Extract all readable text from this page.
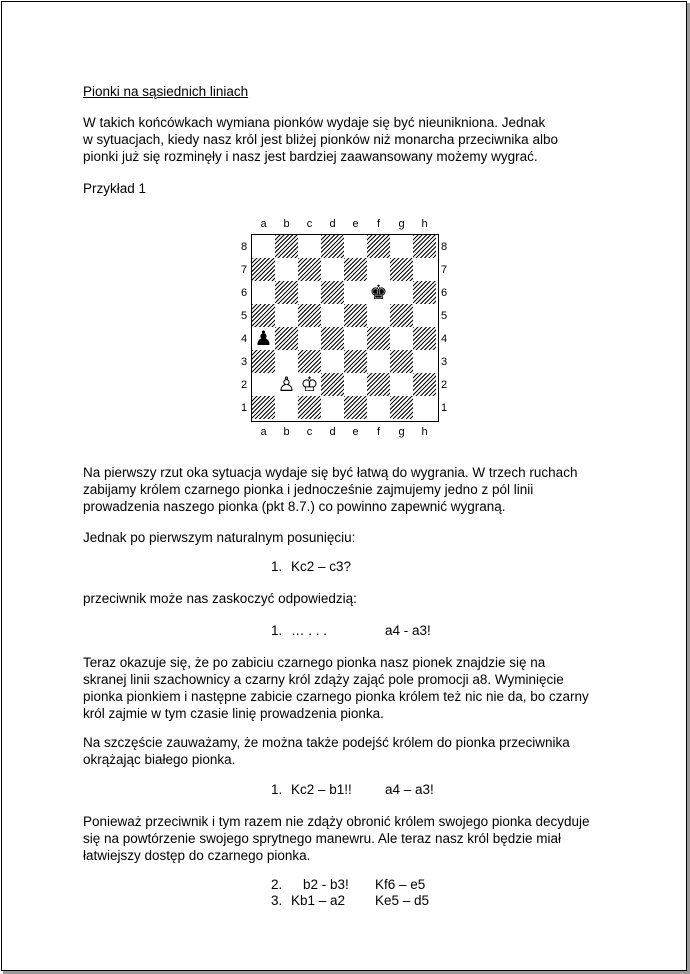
Pionki na sąsiednich liniach
W takich końcówkach wymiana pionków wydaje się być nieunikniona. Jednak
w sytuacjach, kiedy nasz król jest bliżej pionków niż monarcha przeciwnika albo
pionki już się rozminęły i nasz jest bardziej zaawansowany możemy wygrać.
Przykład 1
a
a
b
b
c
c
d
d
e
e
f
f
g
g
h
h
8	8
7	7
6	6
5	5
4	4
3	3
2	2
1	1
♚
♟
♙ ♔
Na pierwszy rzut oka sytuacja wydaje się być łatwą do wygrania. W trzech ruchach
zabijamy królem czarnego pionka i jednocześnie zajmujemy jedno z pól linii
prowadzenia naszego pionka (pkt 8.7.) co powinno zapewnić wygraną.
Jednak po pierwszym naturalnym posunięciu:
1. Kc2 – c3?
przeciwnik może nas zaskoczyć odpowiedzią:
1. … . . .	a4 - a3!
Teraz okazuje się, że po zabiciu czarnego pionka nasz pionek znajdzie się na
skranej linii szachownicy a czarny król zdąży zająć pole promocji a8. Wyminięcie
pionka pionkiem i następne zabicie czarnego pionka królem też nic nie da, bo czarny
król zajmie w tym czasie linię prowadzenia pionka.
Na szczęście zauważamy, że można także podejść królem do pionka przeciwnika
okrążając białego pionka.
1. Kc2 – b1!! a4 – a3!
Ponieważ przeciwnik i tym razem nie zdąży obronić królem swojego pionka decyduje
się na powtórzenie swojego sprytnego manewru. Ale teraz nasz król będzie miał
łatwiejszy dostęp do czarnego pionka.
2. b2 - b3! Kf6 – e5
3. Kb1 – a2 Ke5 – d5
